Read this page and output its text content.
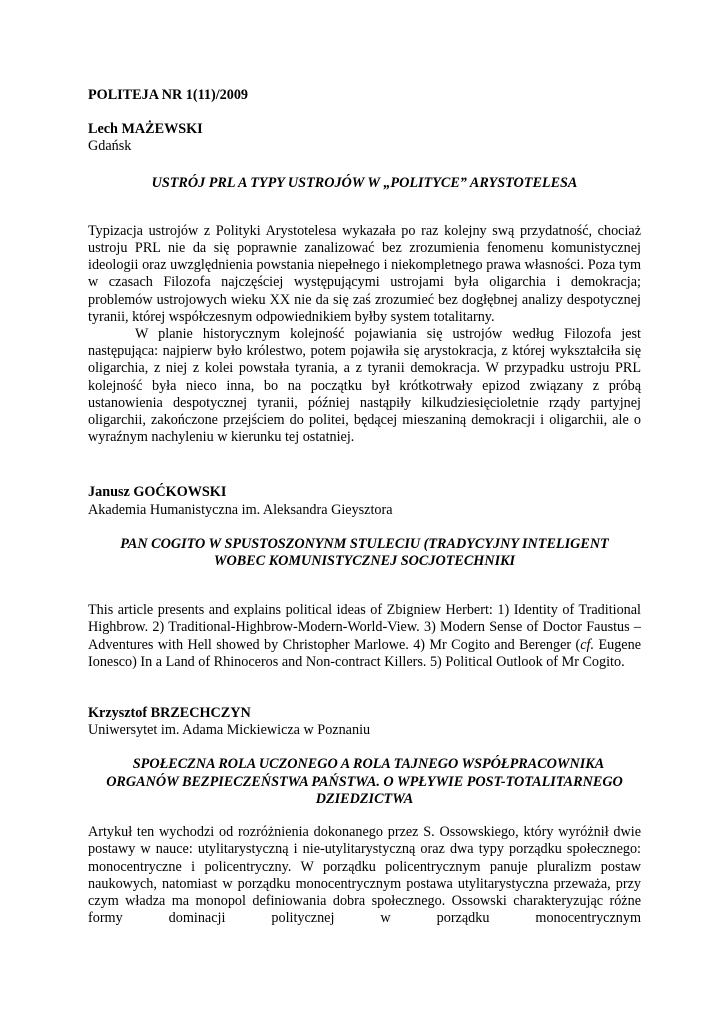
POLITEJA NR 1(11)/2009

Lech MAŻEWSKI

Gdańsk

USTRÓJ PRL A TYPY USTROJÓW W „POLITYCE” ARYSTOTELESA

Typizacja ustrojów z Polityki Arystotelesa wykazała po raz kolejny swą przydatność, chociaż ustroju PRL nie da się poprawnie zanalizować bez zrozumienia fenomenu komunistycznej ideologii oraz uwzględnienia powstania niepełnego i niekompletnego prawa własności. Poza tym w czasach Filozofa najczęściej występującymi ustrojami była oligarchia i demokracja; problemów ustrojowych wieku XX nie da się zaś zrozumieć bez dogłębnej analizy despotycznej tyranii, której współczesnym odpowiednikiem byłby system totalitarny.

W planie historycznym kolejność pojawiania się ustrojów według Filozofa jest następująca: najpierw było królestwo, potem pojawiła się arystokracja, z której wykształciła się oligarchia, z niej z kolei powstała tyrania, a z tyranii demokracja. W przypadku ustroju PRL kolejność była nieco inna, bo na początku był krótkotrwały epizod związany z próbą ustanowienia despotycznej tyranii, później nastąpiły kilkudziesięcioletnie rządy partyjnej oligarchii, zakończone przejściem do politei, będącej mieszaniną demokracji i oligarchii, ale o wyraźnym nachyleniu w kierunku tej ostatniej.

Janusz GOĆKOWSKI

Akademia Humanistyczna im. Aleksandra Gieysztora

PAN COGITO W SPUSTOSZONYNM STULECIU (TRADYCYJNY INTELIGENT

WOBEC KOMUNISTYCZNEJ SOCJOTECHNIKI

This article presents and explains political ideas of Zbigniew Herbert: 1) Identity of Traditional Highbrow. 2) Traditional-Highbrow-Modern-World-View. 3) Modern Sense of Doctor Faustus – Adventures with Hell showed by Christopher Marlowe. 4) Mr Cogito and Berenger (cf. Eugene Ionesco) In a Land of Rhinoceros and Non-contract Killers. 5) Political Outlook of Mr Cogito.

Krzysztof BRZECHCZYN

Uniwersytet im. Adama Mickiewicza w Poznaniu

SPOŁECZNA ROLA UCZONEGO A ROLA TAJNEGO WSPÓŁPRACOWNIKA

ORGANÓW BEZPIECZEŃSTWA PAŃSTWA. O WPŁYWIE POST-TOTALITARNEGO

DZIEDZICTWA

Artykuł ten wychodzi od rozróżnienia dokonanego przez S. Ossowskiego, który wyróżnił dwie postawy w nauce: utylitarystyczną i nie-utylitarystyczną oraz dwa typy porządku społecznego: monocentryczne i policentryczny. W porządku policentrycznym panuje pluralizm postaw naukowych, natomiast w porządku monocentrycznym postawa utylitarystyczna przeważa, przy czym władza ma monopol definiowania dobra społecznego. Ossowski charakteryzując różne formy dominacji politycznej w porządku monocentrycznym
